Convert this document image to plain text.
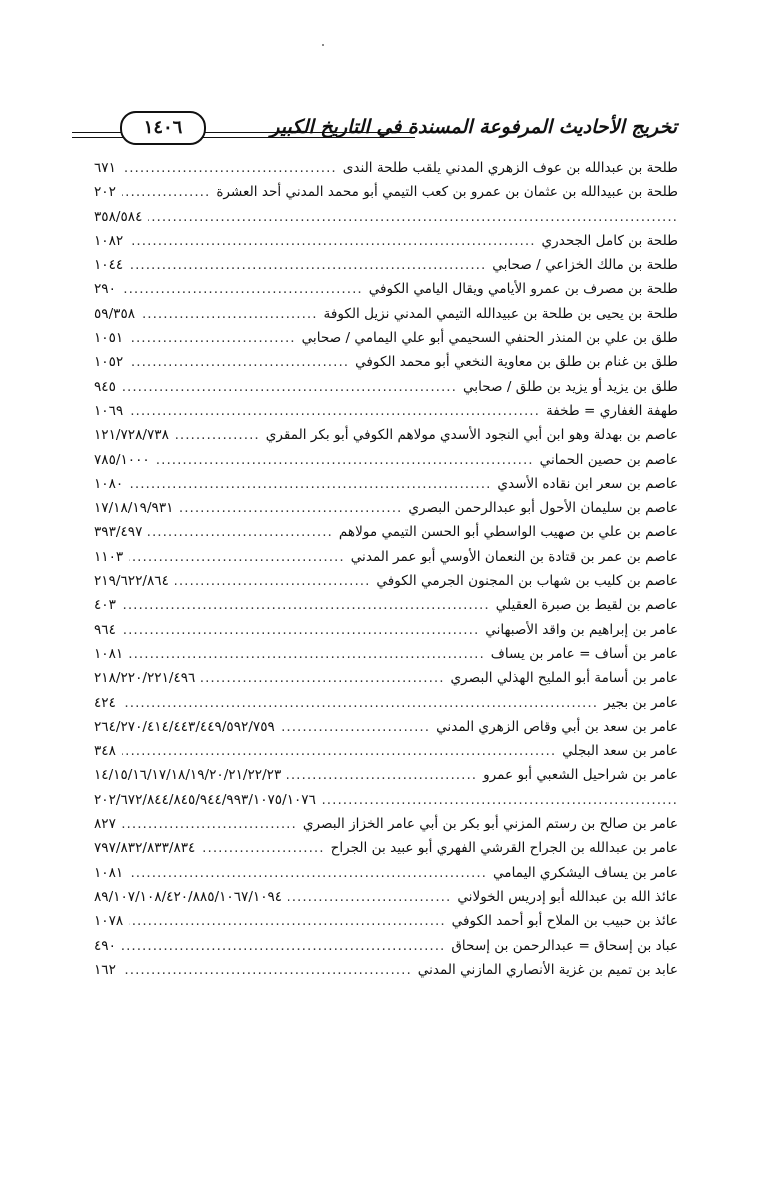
١٤٠٦	تخريج الأحاديث المرفوعة المسندة في التاريخ الكبير
طلحة بن عبدالله بن عوف الزهري المدني يلقب طلحة الندى
.....
٦٧١
طلحة بن عبيدالله بن عثمان بن عمرو بن كعب التيمي أبو محمد المدني أحد العشرة
.....
٢٠٢
.....
٣٥٨/٥٨٤
طلحة بن كامل الجحدري
.....
١٠٨٢
طلحة بن مالك الخزاعي / صحابي
.....
١٠٤٤
طلحة بن مصرف بن عمرو الأيامي ويقال اليامي الكوفي
.....
٢٩٠
طلحة بن يحيى بن طلحة بن عبيدالله التيمي المدني نزيل الكوفة
.....
٥٩/٣٥٨
طلق بن علي بن المنذر الحنفي السحيمي أبو علي اليمامي / صحابي
.....
١٠٥١
طلق بن غنام بن طلق بن معاوية النخعي أبو محمد الكوفي
.....
١٠٥٢
طلق بن يزيد أو يزيد بن طلق / صحابي
.....
٩٤٥
طهفة الغفاري = طخفة
.....
١٠٦٩
عاصم بن بهدلة وهو ابن أبي النجود الأسدي مولاهم الكوفي أبو بكر المقري
.....
١٢١/٧٢٨/٧٣٨
عاصم بن حصين الحماني
.....
٧٨٥/١٠٠٠
عاصم بن سعر ابن نقاده الأسدي
.....
١٠٨٠
عاصم بن سليمان الأحول أبو عبدالرحمن البصري
.....
١٧/١٨/١٩/٩٣١
عاصم بن علي بن صهيب الواسطي أبو الحسن التيمي مولاهم
.....
٣٩٣/٤٩٧
عاصم بن عمر بن قتادة بن النعمان الأوسي أبو عمر المدني
.....
١١٠٣
عاصم بن كليب بن شهاب بن المجنون الجرمي الكوفي
.....
٢١٩/٦٢٢/٨٦٤
عاصم بن لقيط بن صبرة العقيلي
.....
٤٠٣
عامر بن إبراهيم بن واقد الأصبهاني
.....
٩٦٤
عامر بن أساف = عامر بن يساف
.....
١٠٨١
عامر بن أسامة أبو المليح الهذلي البصري
.....
٢١٨/٢٢٠/٢٢١/٤٩٦
عامر بن بجير
.....
٤٢٤
عامر بن سعد بن أبي وقاص الزهري المدني
.....
٢٦٤/٢٧٠/٤١٤/٤٤٣/٤٤٩/٥٩٢/٧٥٩
عامر بن سعد البجلي
.....
٣٤٨
عامر بن شراحيل الشعبي أبو عمرو
.....
١٤/١٥/١٦/١٧/١٨/١٩/٢٠/٢١/٢٢/٢٣
.....
٢٠٢/٦٧٢/٨٤٤/٨٤٥/٩٤٤/٩٩٣/١٠٧٥/١٠٧٦
عامر بن صالح بن رستم المزني أبو بكر بن أبي عامر الخزاز البصري
.....
٨٢٧
عامر بن عبدالله بن الجراح القرشي الفهري أبو عبيد بن الجراح
.....
٧٩٧/٨٣٢/٨٣٣/٨٣٤
عامر بن يساف اليشكري اليمامي
.....
١٠٨١
عائذ الله بن عبدالله أبو إدريس الخولاني
.....
٨٩/١٠٧/١٠٨/٤٢٠/٨٨٥/١٠٦٧/١٠٩٤
عائذ بن حبيب بن الملاح أبو أحمد الكوفي
.....
١٠٧٨
عباد بن إسحاق = عبدالرحمن بن إسحاق
.....
٤٩٠
عابد بن تميم بن غزية الأنصاري المازني المدني
.....
١٦٢
